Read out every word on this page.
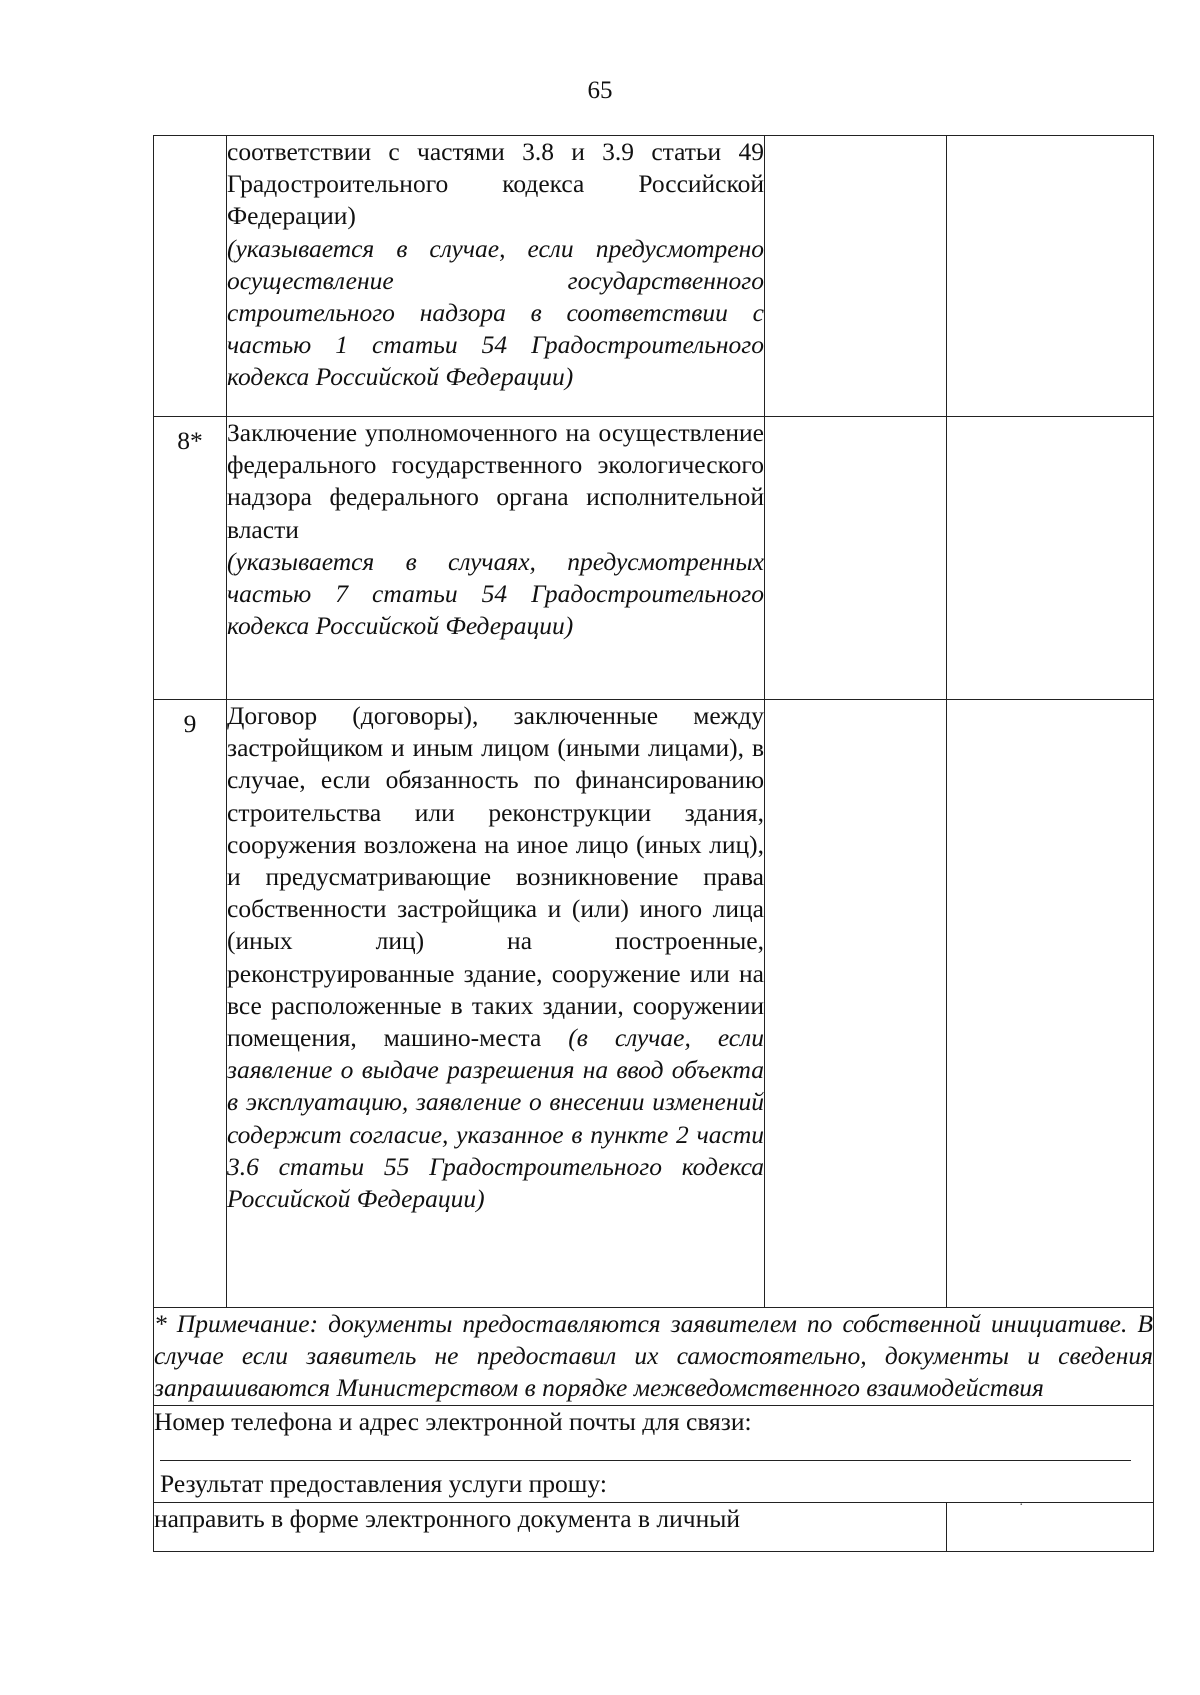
65
	соответствии с частями 3.8 и 3.9 статьи 49 Градостроительного кодекса Российской Федерации)
(указывается в случае, если предусмотрено осуществление государственного строительного надзора в соответствии с частью 1 статьи 54 Градостроительного кодекса Российской Федерации)		

8*	Заключение уполномоченного на осуществление федерального государственного экологического надзора федерального органа исполнительной власти
(указывается в случаях, предусмотренных частью 7 статьи 54 Градостроительного кодекса Российской Федерации)		

9	Договор (договоры), заключенные между застройщиком и иным лицом (иными лицами), в случае, если обязанность по финансированию строительства или реконструкции здания, сооружения возложена на иное лицо (иных лиц), и предусматривающие возникновение права собственности застройщика и (или) иного лица (иных лиц) на построенные, реконструированные здание, сооружение или на все расположенные в таких здании, сооружении помещения, машино-места (в случае, если заявление о выдаче разрешения на ввод объекта в эксплуатацию, заявление о внесении изменений содержит согласие, указанное в пункте 2 части 3.6 статьи 55 Градостроительного кодекса Российской Федерации)		
* Примечание: документы предоставляются заявителем по собственной инициативе. В случае если заявитель не предоставил их самостоятельно, документы и сведения запрашиваются Министерством в порядке межведомственного взаимодействия			

Номер телефона и адрес электронной почты для связи:
Результат предоставления услуги прошу:
.			

направить в форме электронного документа в личный			
